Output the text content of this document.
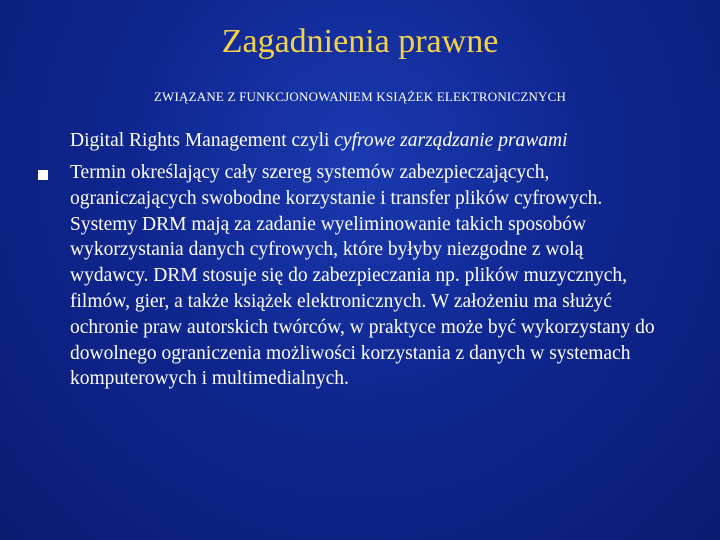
Zagadnienia prawne
ZWIĄZANE Z FUNKCJONOWANIEM KSIĄŻEK ELEKTRONICZNYCH
Digital Rights Management czyli cyfrowe zarządzanie prawami
Termin określający cały szereg systemów zabezpieczających, ograniczających swobodne korzystanie i transfer plików cyfrowych. Systemy DRM mają za zadanie wyeliminowanie takich sposobów wykorzystania danych cyfrowych, które byłyby niezgodne z wolą wydawcy. DRM stosuje się do zabezpieczania np. plików muzycznych, filmów, gier, a także książek elektronicznych. W założeniu ma służyć ochronie praw autorskich twórców, w praktyce może być wykorzystany do dowolnego ograniczenia możliwości korzystania z danych w systemach komputerowych i multimedialnych.
